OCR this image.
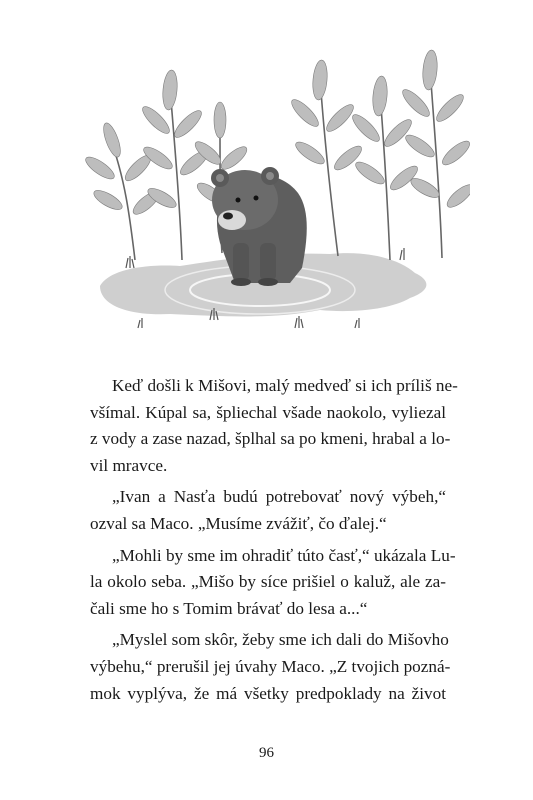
Keď došli k Mišovi, malý medveď si ich príliš ne-
všímal. Kúpal sa, špliechal všade naokolo, vyliezal
z vody a zase nazad, šplhal sa po kmeni, hrabal a lo-
vil mravce.

„Ivan a Nasťa budú potrebovať nový výbeh,“
ozval sa Maco. „Musíme zvážiť, čo ďalej.“

„Mohli by sme im ohradiť túto časť,“ ukázala Lu-
la okolo seba. „Mišo by síce prišiel o kaluž, ale za-
čali sme ho s Tomim brávať do lesa a...“

„Myslel som skôr, žeby sme ich dali do Mišovho
výbehu,“ prerušil jej úvahy Maco. „Z tvojich pozná-
mok vyplýva, že má všetky predpoklady na život

96
